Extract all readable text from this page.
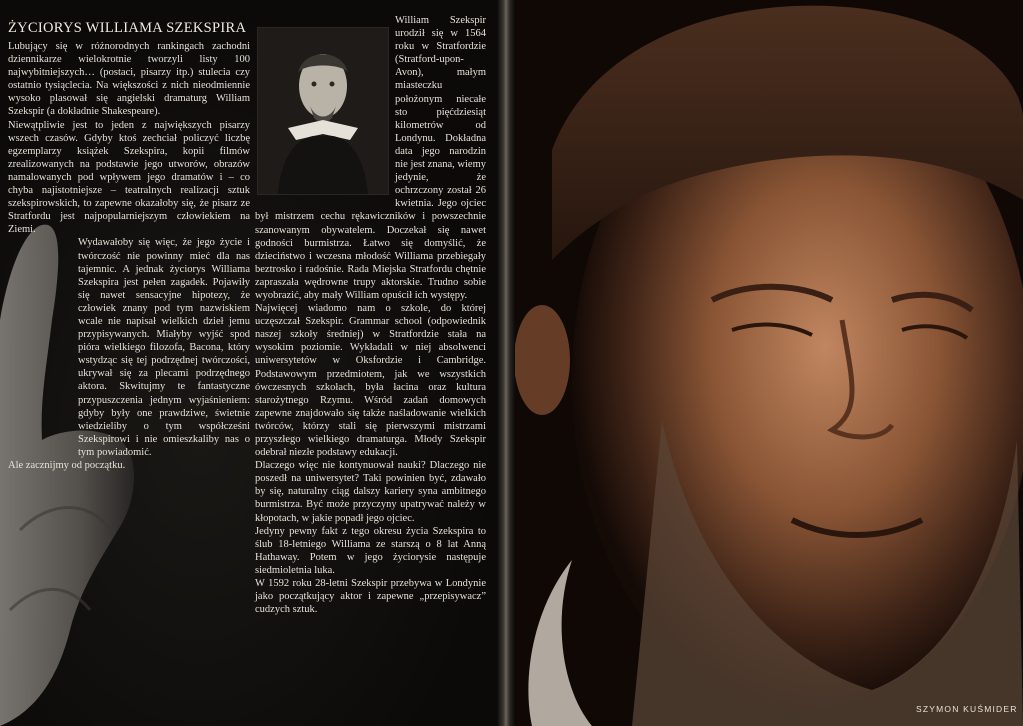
ŻYCIORYS WILLIAMA SZEKSPIRA

Lubujący się w różnorodnych rankingach zachodni dziennikarze wielokrotnie tworzyli listy 100 najwybitniejszych… (postaci, pisarzy itp.) stulecia czy ostatnio tysiąclecia. Na większości z nich nieodmiennie wysoko plasował się angielski dramaturg William Szekspir (a dokładnie Shakespeare).

Niewątpliwie jest to jeden z największych pisarzy wszech czasów. Gdyby ktoś zechciał policzyć liczbę egzemplarzy książek Szekspira, kopii filmów zrealizowanych na podstawie jego utworów, obrazów namalowanych pod wpływem jego dramatów i – co chyba najistotniejsze – teatralnych realizacji sztuk szekspirowskich, to zapewne okazałoby się, że pisarz ze Stratfordu jest najpopularniejszym człowiekiem na Ziemi.

Wydawałoby się więc, że jego życie i twórczość nie powinny mieć dla nas tajemnic. A jednak życiorys Williama Szekspira jest pełen zagadek. Pojawiły się nawet sensacyjne hipotezy, że człowiek znany pod tym nazwiskiem wcale nie napisał wielkich dzieł jemu przypisywanych. Miałyby wyjść spod pióra wielkiego filozofa, Bacona, który wstydząc się tej podrzędnej twórczości, ukrywał się za plecami podrzędnego aktora. Skwitujmy te fantastyczne przypuszczenia jednym wyjaśnieniem: gdyby były one prawdziwe, świetnie wiedzieliby o tym współcześni Szekspirowi i nie omieszkaliby nas o tym powiadomić.

Ale zacznijmy od początku.

William Szekspir urodził się w 1564 roku w Stratfordzie (Stratford-upon-Avon), małym miasteczku położonym niecałe sto pięćdziesiąt kilometrów od Londynu. Dokładna data jego narodzin nie jest znana, wiemy jedynie, że ochrzczony został 26 kwietnia. Jego ojciec był mistrzem cechu rękawiczników i powszechnie szanowanym obywatelem. Doczekał się nawet godności burmistrza. Łatwo się domyślić, że dzieciństwo i wczesna młodość Williama przebiegały beztrosko i radośnie. Rada Miejska Stratfordu chętnie zapraszała wędrowne trupy aktorskie. Trudno sobie wyobrazić, aby mały William opuścił ich występy.

Najwięcej wiadomo nam o szkole, do której uczęszczał Szekspir. Grammar school (odpowiednik naszej szkoły średniej) w Stratfordzie stała na wysokim poziomie. Wykładali w niej absolwenci uniwersytetów w Oksfordzie i Cambridge. Podstawowym przedmiotem, jak we wszystkich ówczesnych szkołach, była łacina oraz kultura starożytnego Rzymu. Wśród zadań domowych zapewne znajdowało się także naśladowanie wielkich twórców, którzy stali się pierwszymi mistrzami przyszłego wielkiego dramaturga. Młody Szekspir odebrał niezłe podstawy edukacji.

Dlaczego więc nie kontynuował nauki? Dlaczego nie poszedł na uniwersytet? Taki powinien być, zdawało by się, naturalny ciąg dalszy kariery syna ambitnego burmistrza. Być może przyczyny upatrywać należy w kłopotach, w jakie popadł jego ojciec.

Jedyny pewny fakt z tego okresu życia Szekspira to ślub 18-letniego Williama ze starszą o 8 lat Anną Hathaway. Potem w jego życiorysie następuje siedmioletnia luka.

W 1592 roku 28-letni Szekspir przebywa w Londynie jako początkujący aktor i zapewne „przepisywacz” cudzych sztuk.

SZYMON KUŚMIDER
